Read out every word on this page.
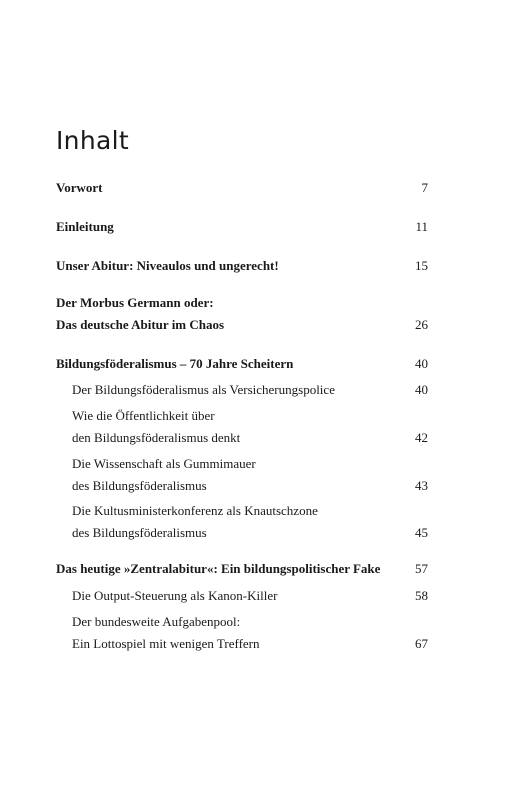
Inhalt
Vorwort	7
Einleitung	11
Unser Abitur: Niveaulos und ungerecht!	15
Der Morbus Germann oder:
Das deutsche Abitur im Chaos	26
Bildungsföderalismus – 70 Jahre Scheitern	40
Der Bildungsföderalismus als Versicherungspolice	40
Wie die Öffentlichkeit über
den Bildungsföderalismus denkt	42
Die Wissenschaft als Gummimauer
des Bildungsföderalismus	43
Die Kultusministerkonferenz als Knautschzone
des Bildungsföderalismus	45
Das heutige »Zentralabitur«: Ein bildungspolitischer Fake	57
Die Output-Steuerung als Kanon-Killer	58
Der bundesweite Aufgabenpool:
Ein Lottospiel mit wenigen Treffern	67
